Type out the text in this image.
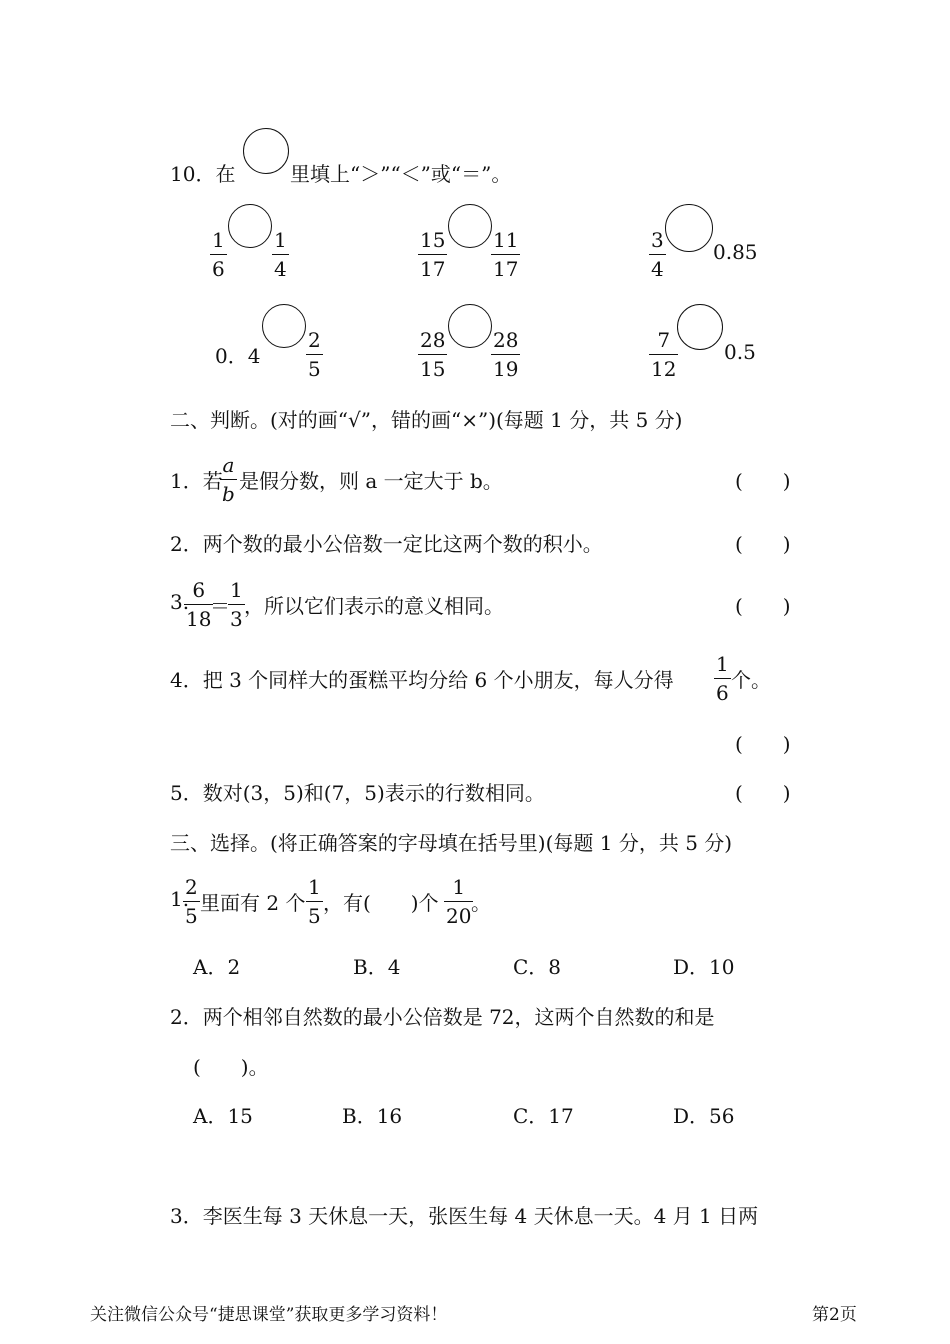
10．在	里填上“＞”“＜”或“＝”。
1
6
1
4
15
17
11
17
3
4
0.85
0．4
2
5
28
15
28
19
7
12
0.5
二、判断。(对的画“√”，错的画“×”)(每题 1 分，共 5 分)
1．若
a
b
是假分数，则 a 一定大于 b。	(　　)
2．两个数的最小公倍数一定比这两个数的积小。	(　　)
3. 6
18
＝
1
3
，所以它们表示的意义相同。	(　　)
4．把 3 个同样大的蛋糕平均分给 6 个小朋友，每人分得
1
6
个。
(　　)
5．数对(3，5)和(7，5)表示的行数相同。	(　　)
三、选择。(将正确答案的字母填在括号里)(每题 1 分，共 5 分)
1.
2
5
里面有 2 个
1
5
，有(　　)个
1
20
。
A．2	B．4	C．8	D．10
2．两个相邻自然数的最小公倍数是 72，这两个自然数的和是
(　　)。
A．15	B．16	C．17	D．56
3．李医生每 3 天休息一天，张医生每 4 天休息一天。4 月 1 日两
关注微信公众号“捷思课堂”获取更多学习资料！	第2页
